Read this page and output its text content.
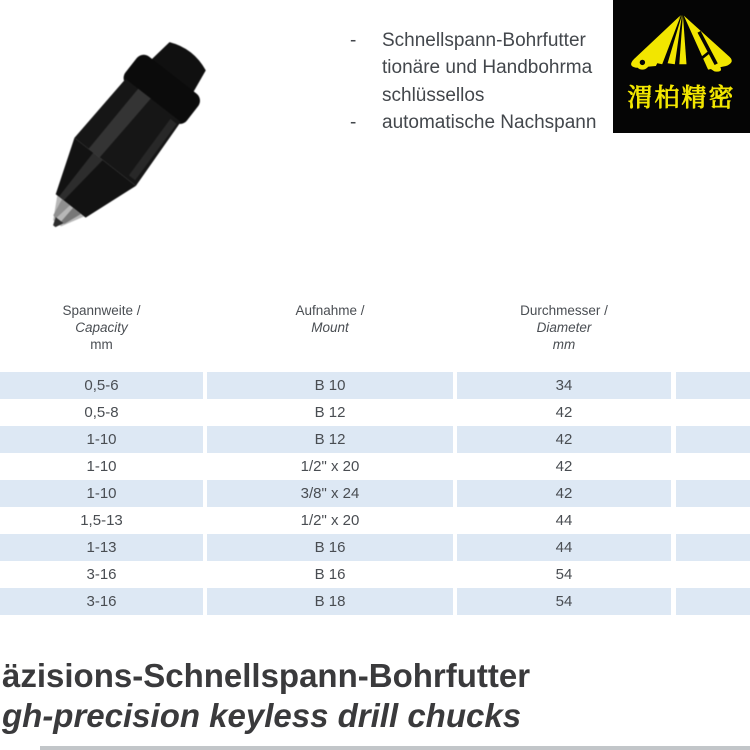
-	Schnellspann-Bohrfutter
tionäre und Handbohrma
schlüssellos
-	automatische Nachspann
渭柏精密
Spannweite /
Capacity
mm
Aufnahme /
Mount
Durchmesser /
Diameter
mm
0,5-6	B 10	34
0,5-8	B 12	42
1-10	B 12	42
1-10	1/2" x 20	42
1-10	3/8" x 24	42
1,5-13	1/2" x 20	44
1-13	B 16	44
3-16	B 16	54
3-16	B 18	54
äzisions-Schnellspann-Bohrfutter
gh-precision keyless drill chucks
